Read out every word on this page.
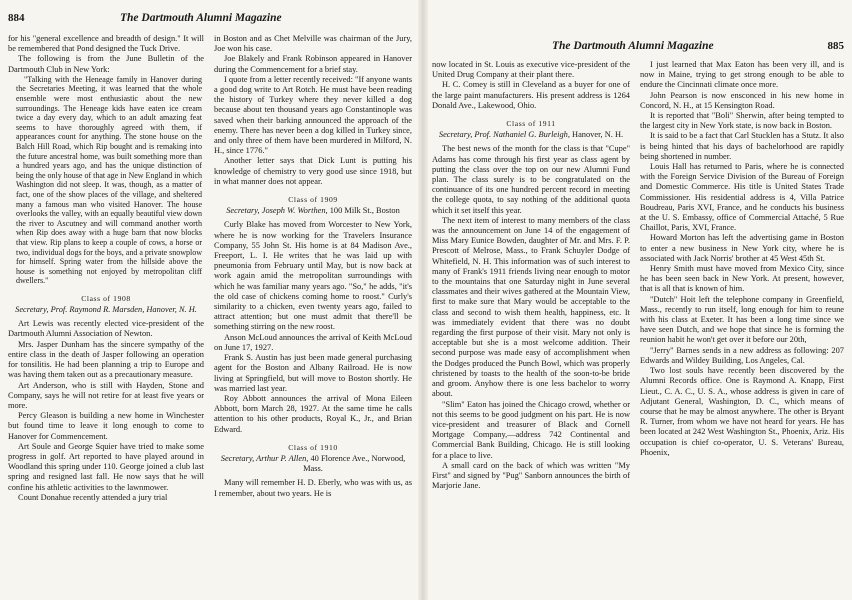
884	The Dartmouth Alumni Magazine

for his "general excellence and breadth of design." It will be remembered that Pond designed the Tuck Drive.

The following is from the June Bulletin of the Dartmouth Club in New York:

"Talking with the Heneage family in Hanover during the Secretaries Meeting, it was learned that the whole ensemble were most enthusiastic about the new surroundings. The Heneage kids have eaten ice cream twice a day every day, which to an adult amazing feat seems to have thoroughly agreed with them, if appearances count for anything. The stone house on the Balch Hill Road, which Rip bought and is remaking into the future ancestral home, was built something more than a hundred years ago, and has the unique distinction of being the only house of that age in New England in which Washington did not sleep. It was, though, as a matter of fact, one of the show places of the village, and sheltered many a famous man who visited Hanover. The house overlooks the valley, with an equally beautiful view down the river to Ascutney and will command another worth when Rip does away with a huge barn that now blocks that view. Rip plans to keep a couple of cows, a horse or two, individual dogs for the boys, and a private snowplow for himself. Spring water from the hillside above the house is something not enjoyed by metropolitan cliff dwellers."

Class of 1908
Secretary, Prof. Raymond R. Marsden, Hanover, N. H.

Art Lewis was recently elected vice-president of the Dartmouth Alumni Association of Newton.

Mrs. Jasper Dunham has the sincere sympathy of the entire class in the death of Jasper following an operation for tonsilitis. He had been planning a trip to Europe and was having them taken out as a precautionary measure.

Art Anderson, who is still with Hayden, Stone and Company, says he will not retire for at least five years or more.

Percy Gleason is building a new home in Winchester but found time to leave it long enough to come to Hanover for Commencement.

Art Soule and George Squier have tried to make some progress in golf. Art reported to have played around in Woodland this spring under 110. George joined a club last spring and resigned last fall. He now says that he will confine his athletic activities to the lawnmower.

Count Donahue recently attended a jury trial

in Boston and as Chet Melville was chairman of the Jury, Joe won his case.

Joe Blakely and Frank Robinson appeared in Hanover during the Commencement for a brief stay.

I quote from a letter recently received: "If anyone wants a good dog write to Art Rotch. He must have been reading the history of Turkey where they never killed a dog because about ten thousand years ago Constantinople was saved when their barking announced the approach of the enemy. There has never been a dog killed in Turkey since, and only three of them have been murdered in Milford, N. H., since 1776."

Another letter says that Dick Lunt is putting his knowledge of chemistry to very good use since 1918, but in what manner does not appear.

Class of 1909
Secretary, Joseph W. Worthen, 100 Milk St., Boston

Curly Blake has moved from Worcester to New York, where he is now working for the Travelers Insurance Company, 55 John St. His home is at 84 Madison Ave., Freeport, L. I. He writes that he was laid up with pneumonia from February until May, but is now back at work again amid the metropolitan surroundings with which he was familiar many years ago. "So," he adds, "it's the old case of chickens coming home to roost." Curly's similarity to a chicken, even twenty years ago, failed to attract attention; but one must admit that there'll be something stirring on the new roost.

Anson McLoud announces the arrival of Keith McLoud on June 17, 1927.

Frank S. Austin has just been made general purchasing agent for the Boston and Albany Railroad. He is now living at Springfield, but will move to Boston shortly. He was married last year.

Roy Abbott announces the arrival of Mona Eileen Abbott, born March 28, 1927. At the same time he calls attention to his other products, Royal K., Jr., and Brian Edward.

Class of 1910
Secretary, Arthur P. Allen, 40 Florence Ave., Norwood, Mass.

Many will remember H. D. Eberly, who was with us, as I remember, about two years. He is

The Dartmouth Alumni Magazine	885

now located in St. Louis as executive vice-president of the United Drug Company at their plant there.

H. C. Comey is still in Cleveland as a buyer for one of the large paint manufacturers. His present address is 1264 Donald Ave., Lakewood, Ohio.

Class of 1911
Secretary, Prof. Nathaniel G. Burleigh, Hanover, N. H.

The best news of the month for the class is that "Cupe" Adams has come through his first year as class agent by putting the class over the top on our new Alumni Fund plan. The class surely is to be congratulated on the continuance of its one hundred percent record in meeting the college quota, to say nothing of the additional quota which it set itself this year.

The next item of interest to many members of the class was the announcement on June 14 of the engagement of Miss Mary Eunice Bowden, daughter of Mr. and Mrs. F. P. Prescott of Melrose, Mass., to Frank Schuyler Dodge of Whitefield, N. H. This information was of such interest to many of Frank's 1911 friends living near enough to motor to the mountains that one Saturday night in June several classmates and their wives gathered at the Mountain View, first to make sure that Mary would be acceptable to the class and second to wish them health, happiness, etc. It was immediately evident that there was no doubt regarding the first purpose of their visit. Mary not only is acceptable but she is a most welcome addition. Their second purpose was made easy of accomplishment when the Dodges produced the Punch Bowl, which was properly christened by toasts to the health of the soon-to-be bride and groom. Anyhow there is one less bachelor to worry about.

"Slim" Eaton has joined the Chicago crowd, whether or not this seems to be good judgment on his part. He is now vice-president and treasurer of Black and Cornell Mortgage Company,—address 742 Continental and Commercial Bank Building, Chicago. He is still looking for a place to live.

A small card on the back of which was written "My First" and signed by "Pug" Sanborn announces the birth of Marjorie Jane.

I just learned that Max Eaton has been very ill, and is now in Maine, trying to get strong enough to be able to endure the Cincinnati climate once more.

John Pearson is now ensconced in his new home in Concord, N. H., at 15 Kensington Road.

It is reported that "Boli" Sherwin, after being tempted to the largest city in New York state, is now back in Boston.

It is said to be a fact that Carl Stucklen has a Stutz. It also is being hinted that his days of bachelorhood are rapidly being shortened in number.

Louis Hall has returned to Paris, where he is connected with the Foreign Service Division of the Bureau of Foreign and Domestic Commerce. His title is United States Trade Commissioner. His residential address is 4, Villa Patrice Boudreau, Paris XVI, France, and he conducts his business at the U. S. Embassy, office of Commercial Attaché, 5 Rue Chaillot, Paris, XVI, France.

Howard Morton has left the advertising game in Boston to enter a new business in New York city, where he is associated with Jack Norris' brother at 45 West 45th St.

Henry Smith must have moved from Mexico City, since he has been seen back in New York. At present, however, that is all that is known of him.

"Dutch" Hoit left the telephone company in Greenfield, Mass., recently to run itself, long enough for him to reune with his class at Exeter. It has been a long time since we have seen Dutch, and we hope that since he is forming the reunion habit he won't get over it before our 20th,

"Jerry" Barnes sends in a new address as following: 207 Edwards and Wildey Building, Los Angeles, Cal.

Two lost souls have recently been discovered by the Alumni Records office. One is Raymond A. Knapp, First Lieut., C. A. C., U. S. A., whose address is given in care of Adjutant General, Washington, D. C., which means of course that he may be almost anywhere. The other is Bryant R. Turner, from whom we have not heard for years. He has been located at 242 West Washington St., Phoenix, Ariz. His occupation is chief co-operator, U. S. Veterans' Bureau, Phoenix,
